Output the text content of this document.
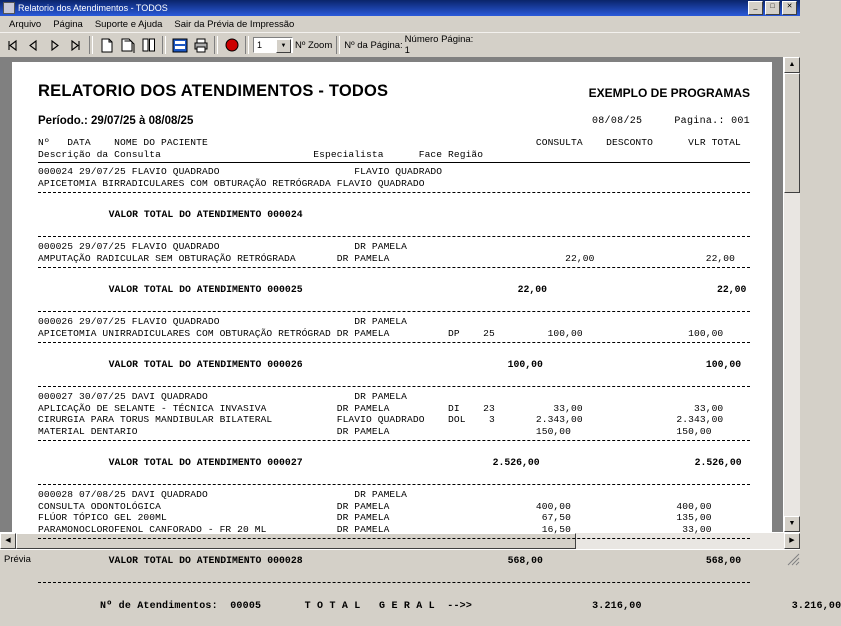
Relatorio dos Atendimentos - TODOS	_	□	✕
Arquivo	Página	Suporte e Ajuda	Sair da Prévia de Impressão
1	▼ Nº Zoom Nº da Página: Número Página: 1
RELATORIO DOS ATENDIMENTOS - TODOS	EXEMPLO DE PROGRAMAS
Período.: 29/07/25 à 08/08/25	08/08/25	Pagina.: 001
Nº   DATA    NOME DO PACIENTE                                                        CONSULTA    DESCONTO      VLR TOTAL
Descrição da Consulta                          Especialista      Face Região
000024 29/07/25 FLAVIO QUADRADO                       FLAVIO QUADRADO
APICETOMIA BIRRADICULARES COM OBTURAÇÃO RETRÓGRADA FLAVIO QUADRADO

VALOR TOTAL DO ATENDIMENTO 000024

000025 29/07/25 FLAVIO QUADRADO                       DR PAMELA
AMPUTAÇÃO RADICULAR SEM OBTURAÇÃO RETRÓGRADA       DR PAMELA                              22,00                   22,00

VALOR TOTAL DO ATENDIMENTO 000025	22,00	22,00

000026 29/07/25 FLAVIO QUADRADO                       DR PAMELA
APICETOMIA UNIRRADICULARES COM OBTURAÇÃO RETRÓGRAD DR PAMELA          DP    25         100,00                  100,00

VALOR TOTAL DO ATENDIMENTO 000026	100,00	100,00

000027 30/07/25 DAVI QUADRADO                         DR PAMELA
APLICAÇÃO DE SELANTE - TÉCNICA INVASIVA            DR PAMELA          DI    23          33,00                   33,00
CIRURGIA PARA TORUS MANDIBULAR BILATERAL           FLAVIO QUADRADO    DOL    3       2.343,00                2.343,00
MATERIAL DENTARIO                                  DR PAMELA                         150,00                  150,00

VALOR TOTAL DO ATENDIMENTO 000027	2.526,00	2.526,00

000028 07/08/25 DAVI QUADRADO                         DR PAMELA
CONSULTA ODONTOLÓGICA                              DR PAMELA                         400,00                  400,00
FLÚOR TÓPICO GEL 200ML                             DR PAMELA                          67,50                  135,00
PARAMONOCLOROFENOL CANFORADO - FR 20 ML            DR PAMELA                          16,50                   33,00

VALOR TOTAL DO ATENDIMENTO 000028	568,00	568,00

Nº de Atendimentos:  00005       T O T A L   G E R A L  -->>	3.216,00	3.216,00

▲
▼
◀	▶
Prévia
